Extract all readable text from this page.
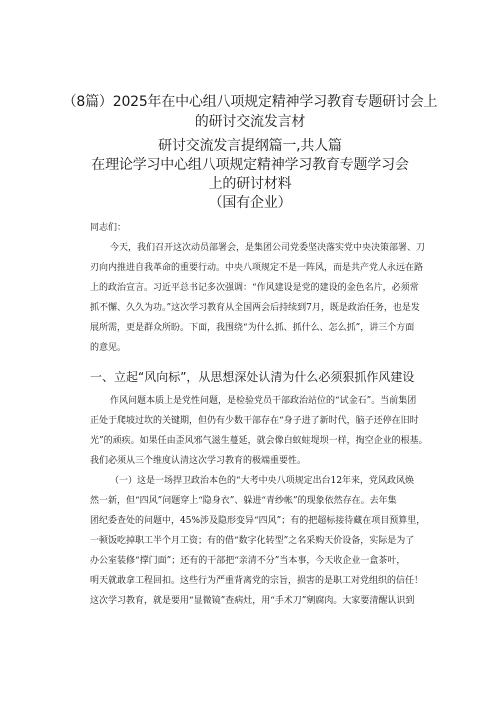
（8篇）2025年在中心组八项规定精神学习教育专题研讨会上
的研讨交流发言材
研讨交流发言提纲篇一,共人篇
在理论学习中心组八项规定精神学习教育专题学习会
上的研讨材料
（国有企业）
同志们：
今天，我们召开这次动员部署会，是集团公司党委坚决落实党中央决策部署、刀
刃向内推进自我革命的重要行动。中央八项规定不是一阵风，而是共产党人永远在路
上的政治宣言。习近平总书记多次强调：“作风建设是党的建设的金色名片，必须常
抓不懈、久久为功。”这次学习教育从全国两会后持续到7月，既是政治任务，也是发
展所需，更是群众所盼。下面，我围绕“为什么抓、抓什么、怎么抓”，讲三个方面
的意见。
一、立起“风向标”，从思想深处认清为什么必须狠抓作风建设
作风问题本质上是党性问题，是检验党员干部政治站位的“试金石”。当前集团
正处于爬坡过坎的关键期，但仍有少数干部存在“身子进了新时代，脑子还停在旧时
光”的顽疾。如果任由歪风邪气滋生蔓延，就会像白蚁蛀堤坝一样，掏空企业的根基。
我们必须从三个维度认清这次学习教育的极端重要性。
（一）这是一场捍卫政治本色的“大考中央八项规定出台12年来，党风政风焕
然一新，但“四风”问题穿上“隐身衣”、躲进“青纱帐”的现象依然存在。去年集
团纪委查处的问题中，45%涉及隐形变异“四风”；有的把超标接待藏在项目预算里，
一顿饭吃掉职工半个月工资；有的借“数字化转型”之名采购天价设备，实际是为了
办公室装修“撑门面”；还有的干部把“亲清不分”当本事，今天收企业一盒茶叶，
明天就敢拿工程回扣。这些行为严重背离党的宗旨，损害的是职工对党组织的信任！
这次学习教育，就是要用“显微镜”查病灶，用“手术刀”剜腐肉。大家要清醒认识到
